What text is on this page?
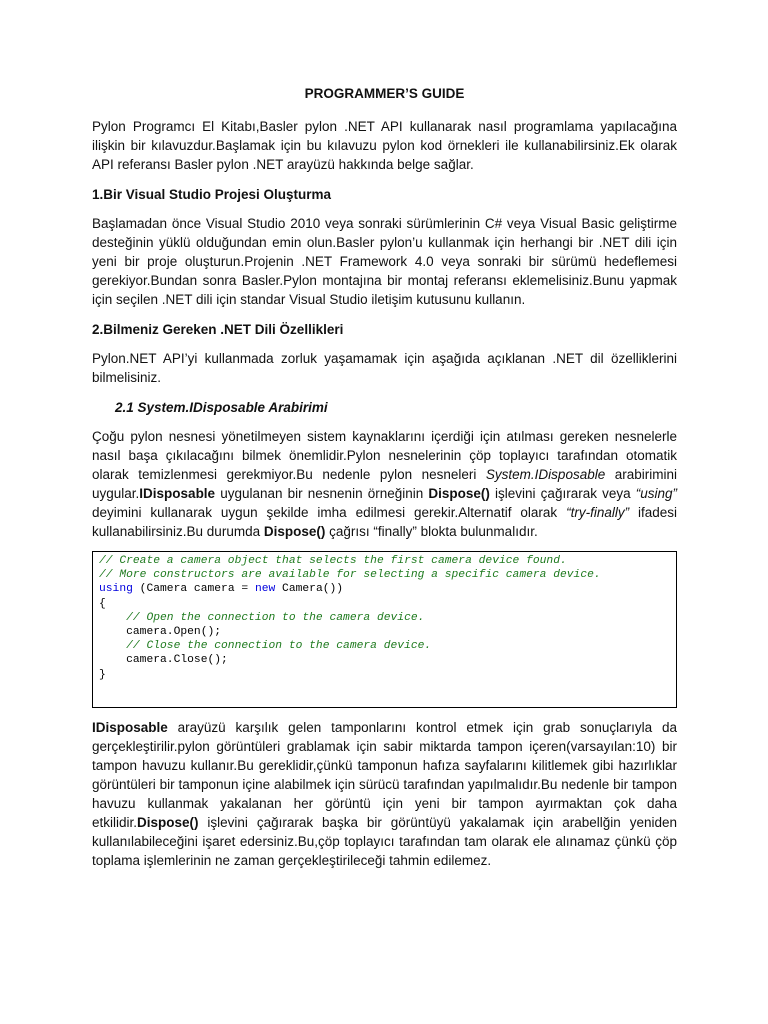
PROGRAMMER’S GUIDE

Pylon Programcı El Kitabı,Basler pylon .NET API kullanarak nasıl programlama yapılacağına ilişkin bir kılavuzdur.Başlamak için bu kılavuzu pylon kod örnekleri ile kullanabilirsiniz.Ek olarak API referansı Basler pylon .NET arayüzü hakkında belge sağlar.

1.Bir Visual Studio Projesi Oluşturma

Başlamadan önce Visual Studio 2010 veya sonraki sürümlerinin C# veya Visual Basic geliştirme desteğinin yüklü olduğundan emin olun.Basler pylon’u kullanmak için herhangi bir .NET dili için yeni bir proje oluşturun.Projenin .NET Framework 4.0 veya sonraki bir sürümü hedeflemesi gerekiyor.Bundan sonra Basler.Pylon montajına bir montaj referansı eklemelisiniz.Bunu yapmak için seçilen .NET dili için standar Visual Studio iletişim kutusunu kullanın.

2.Bilmeniz Gereken .NET Dili Özellikleri

Pylon.NET API’yi kullanmada zorluk yaşamamak için aşağıda açıklanan .NET dil özelliklerini bilmelisiniz.

2.1 System.IDisposable Arabirimi

Çoğu pylon nesnesi yönetilmeyen sistem kaynaklarını içerdiği için atılması gereken nesnelerle nasıl başa çıkılacağını bilmek önemlidir.Pylon nesnelerinin çöp toplayıcı tarafından otomatik olarak temizlenmesi gerekmiyor.Bu nedenle pylon nesneleri System.IDisposable arabirimini uygular.IDisposable uygulanan bir nesnenin örneğinin Dispose() işlevini çağırarak veya “using” deyimini kullanarak uygun şekilde imha edilmesi gerekir.Alternatif olarak “try-finally” ifadesi kullanabilirsiniz.Bu durumda Dispose() çağrısı “finally” blokta bulunmalıdır.

// Create a camera object that selects the first camera device found.
// More constructors are available for selecting a specific camera device.
using (Camera camera = new Camera())
{
// Open the connection to the camera device.
camera.Open();
// Close the connection to the camera device.
camera.Close();
}

IDisposable arayüzü karşılık gelen tamponlarını kontrol etmek için grab sonuçlarıyla da gerçekleştirilir.pylon görüntüleri grablamak için sabir miktarda tampon içeren(varsayılan:10) bir tampon havuzu kullanır.Bu gereklidir,çünkü tamponun hafıza sayfalarını kilitlemek gibi hazırlıklar görüntüleri bir tamponun içine alabilmek için sürücü tarafından yapılmalıdır.Bu nedenle bir tampon havuzu kullanmak yakalanan her görüntü için yeni bir tampon ayırmaktan çok daha etkilidir.Dispose() işlevini çağırarak başka bir görüntüyü yakalamak için arabellğin yeniden kullanılabileceğini işaret edersiniz.Bu,çöp toplayıcı tarafından tam olarak ele alınamaz çünkü çöp toplama işlemlerinin ne zaman gerçekleştirileceği tahmin edilemez.
